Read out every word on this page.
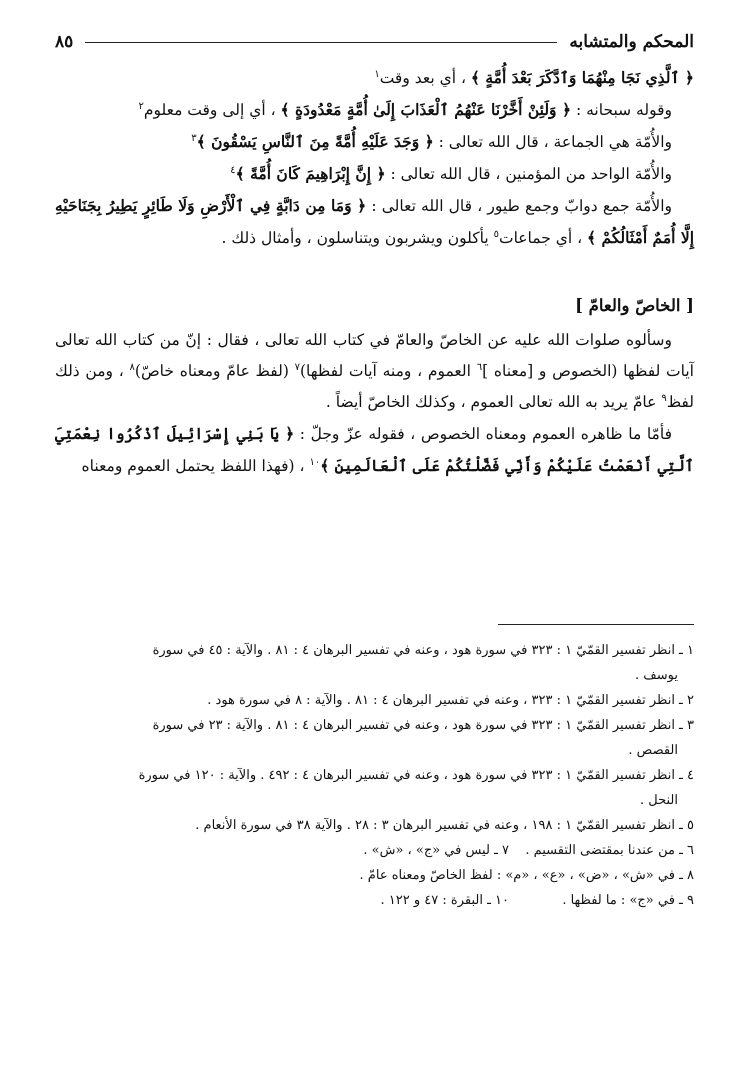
المحكم والمتشابه
٨٥

﴿ ٱلَّذِي نَجَا مِنْهُمَا وَٱدَّكَرَ بَعْدَ أُمَّةٍ ﴾ ، أي بعد وقت$^١$

وقوله سبحانه : ﴿ وَلَئِنْ أَخَّرْنَا عَنْهُمُ ٱلْعَذَابَ إِلَىٰ أُمَّةٍ مَعْدُودَةٍ ﴾ ، أي إلى وقت معلوم$^٢$

والأُمّة هي الجماعة ، قال الله تعالى : ﴿ وَجَدَ عَلَيْهِ أُمَّةً مِنَ ٱلنَّاسِ يَسْقُونَ ﴾$^٣$

والأُمّة الواحد من المؤمنين ، قال الله تعالى : ﴿ إِنَّ إِبْرَاهِيمَ كَانَ أُمَّةً ﴾$^٤$

والأُمّة جمع دوابّ وجمع طيور ، قال الله تعالى : ﴿ وَمَا مِن دَابَّةٍ فِي ٱلْأَرْضِ وَلَا طَائِرٍ يَطِيرُ بِجَنَاحَيْهِ إِلَّا أُمَمٌ أَمْثَالُكُمْ ﴾ ، أي جماعات$^٥$ يأكلون ويشربون ويتناسلون ، وأمثال ذلك .

[ الخاصّ والعامّ ]

وسألوه صلوات الله عليه عن الخاصّ والعامّ في كتاب الله تعالى ، فقال : إنّ من كتاب الله تعالى آيات لفظها (الخصوص و [معناه ]$^٦$ العموم ، ومنه آيات لفظها)$^٧$ (لفظ عامّ ومعناه خاصّ)$^٨$ ، ومن ذلك لفظ$^٩$ عامّ يريد به الله تعالى العموم ، وكذلك الخاصّ أيضاً .

فأمّا ما ظاهره العموم ومعناه الخصوص ، فقوله عزّ وجلّ : ﴿ يَا بَنِي إِسْرَائِيلَ ٱذْكُرُوا نِعْمَتِيَ ٱلَّتِي أَنْعَمْتُ عَلَيْكُمْ وَأَنِّي فَضَّلْتُكُمْ عَلَى ٱلْعَالَمِينَ ﴾$^{١٠}$ ، (فهذا اللفظ يحتمل العموم ومعناه

١ ـ انظر تفسير القمّيّ ١ : ٣٢٣ في سورة هود ، وعنه في تفسير البرهان ٤ : ٨١ . والآية : ٤٥ في سورة

يوسف .

٢ ـ انظر تفسير القمّيّ ١ : ٣٢٣ ، وعنه في تفسير البرهان ٤ : ٨١ . والآية : ٨ في سورة هود .

٣ ـ انظر تفسير القمّيّ ١ : ٣٢٣ في سورة هود ، وعنه في تفسير البرهان ٤ : ٨١ . والآية : ٢٣ في سورة

القصص .

٤ ـ انظر تفسير القمّيّ ١ : ٣٢٣ في سورة هود ، وعنه في تفسير البرهان ٤ : ٤٩٢ . والآية : ١٢٠ في سورة

النحل .

٥ ـ انظر تفسير القمّيّ ١ : ١٩٨ ، وعنه في تفسير البرهان ٣ : ٢٨ . والآية ٣٨ في سورة الأنعام .

٦ ـ من عندنا بمقتضى التقسيم .
٧ ـ ليس في «ج» ، «ش» .

٨ ـ في «ش» ، «ض» ، «ع» ، «م» : لفظ الخاصّ ومعناه عامّ .

٩ ـ في «ج» : ما لفظها .
١٠ ـ البقرة : ٤٧ و ١٢٢ .
